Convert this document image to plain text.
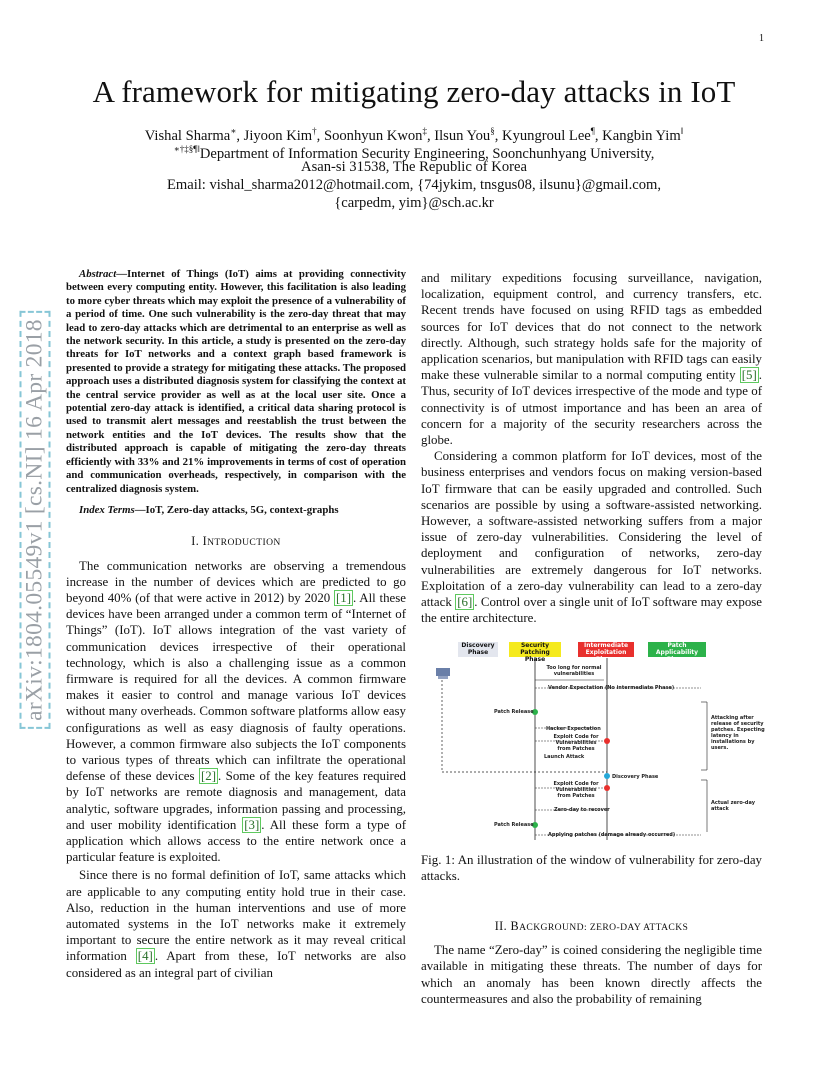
1
A framework for mitigating zero-day attacks in IoT
Vishal Sharma∗, Jiyoon Kim†, Soonhyun Kwon‡, Ilsun You§, Kyungroul Lee¶, Kangbin Yim‖
∗†‡§¶‖Department of Information Security Engineering, Soonchunhyang University,
Asan-si 31538, The Republic of Korea
Email: vishal_sharma2012@hotmail.com, {74jykim, tnsgus08, ilsunu}@gmail.com,
{carpedm, yim}@sch.ac.kr
arXiv:1804.05549v1 [cs.NI] 16 Apr 2018

Abstract—Internet of Things (IoT) aims at providing connectivity between every computing entity. However, this facilitation is also leading to more cyber threats which may exploit the presence of a vulnerability of a period of time. One such vulnerability is the zero-day threat that may lead to zero-day attacks which are detrimental to an enterprise as well as the network security. In this article, a study is presented on the zero-day threats for IoT networks and a context graph based framework is presented to provide a strategy for mitigating these attacks. The proposed approach uses a distributed diagnosis system for classifying the context at the central service provider as well as at the local user site. Once a potential zero-day attack is identified, a critical data sharing protocol is used to transmit alert messages and reestablish the trust between the network entities and the IoT devices. The results show that the distributed approach is capable of mitigating the zero-day threats efficiently with 33% and 21% improvements in terms of cost of operation and communication overheads, respectively, in comparison with the centralized diagnosis system.

Index Terms—IoT, Zero-day attacks, 5G, context-graphs

I. INTRODUCTION

The communication networks are observing a tremendous increase in the number of devices which are predicted to go beyond 40% (of that were active in 2012) by 2020 [1] . All these devices have been arranged under a common term of “Internet of Things” (IoT). IoT allows integration of the vast variety of communication devices irrespective of their operational technology, which is also a challenging issue as a common firmware is required for all the devices. A common firmware makes it easier to control and manage various IoT devices without many overheads. Common software platforms allow easy configurations as well as easy diagnosis of faulty operations. However, a common firmware also subjects the IoT components to various types of threats which can infiltrate the operational defense of these devices [2] . Some of the key features required by IoT networks are remote diagnosis and management, data analytic, software upgrades, information passing and processing, and user mobility identification [3] . All these form a type of application which allows access to the entire network once a particular feature is exploited.

Since there is no formal definition of IoT, same attacks which are applicable to any computing entity hold true in their case. Also, reduction in the human interventions and use of more automated systems in the IoT networks make it extremely important to secure the entire network as it may reveal critical information [4] . Apart from these, IoT networks are also considered as an integral part of civilian

and military expeditions focusing surveillance, navigation, localization, equipment control, and currency transfers, etc. Recent trends have focused on using RFID tags as embedded sources for IoT devices that do not connect to the network directly. Although, such strategy holds safe for the majority of application scenarios, but manipulation with RFID tags can easily make these vulnerable similar to a normal computing entity [5] . Thus, security of IoT devices irrespective of the mode and type of connectivity is of utmost importance and has been an area of concern for a majority of the security researchers across the globe.

Considering a common platform for IoT devices, most of the business enterprises and vendors focus on making version-based IoT firmware that can be easily upgraded and controlled. Such scenarios are possible by using a software-assisted networking. However, a software-assisted networking suffers from a major issue of zero-day vulnerabilities. Considering the level of deployment and configuration of networks, zero-day vulnerabilities are extremely dangerous for IoT networks. Exploitation of a zero-day vulnerability can lead to a zero-day attack [6] . Control over a single unit of IoT software may expose the entire architecture.

Discovery Phase
Security Patching Phase
Intermediate Exploitation Phase
Patch Applicability Phase
Too long for normal vulnerabilities
Vendor Expectation (No intermediate Phase)
Patch Release
Hacker Expectation
Exploit Code for Vulnerabilities from Patches
Attacking after release of security patches. Expecting latency in installations by users.
Launch Attack
Discovery Phase
Exploit Code for Vulnerabilities from Patches
Zero-day to recover
Actual zero-day attack
Patch Release
Applying patches (damage already occurred)
Fig. 1: An illustration of the window of vulnerability for zero-day attacks.

II. BACKGROUND: ZERO-DAY ATTACKS

The name “Zero-day” is coined considering the negligible time available in mitigating these threats. The number of days for which an anomaly has been known directly affects the countermeasures and also the probability of remaining
